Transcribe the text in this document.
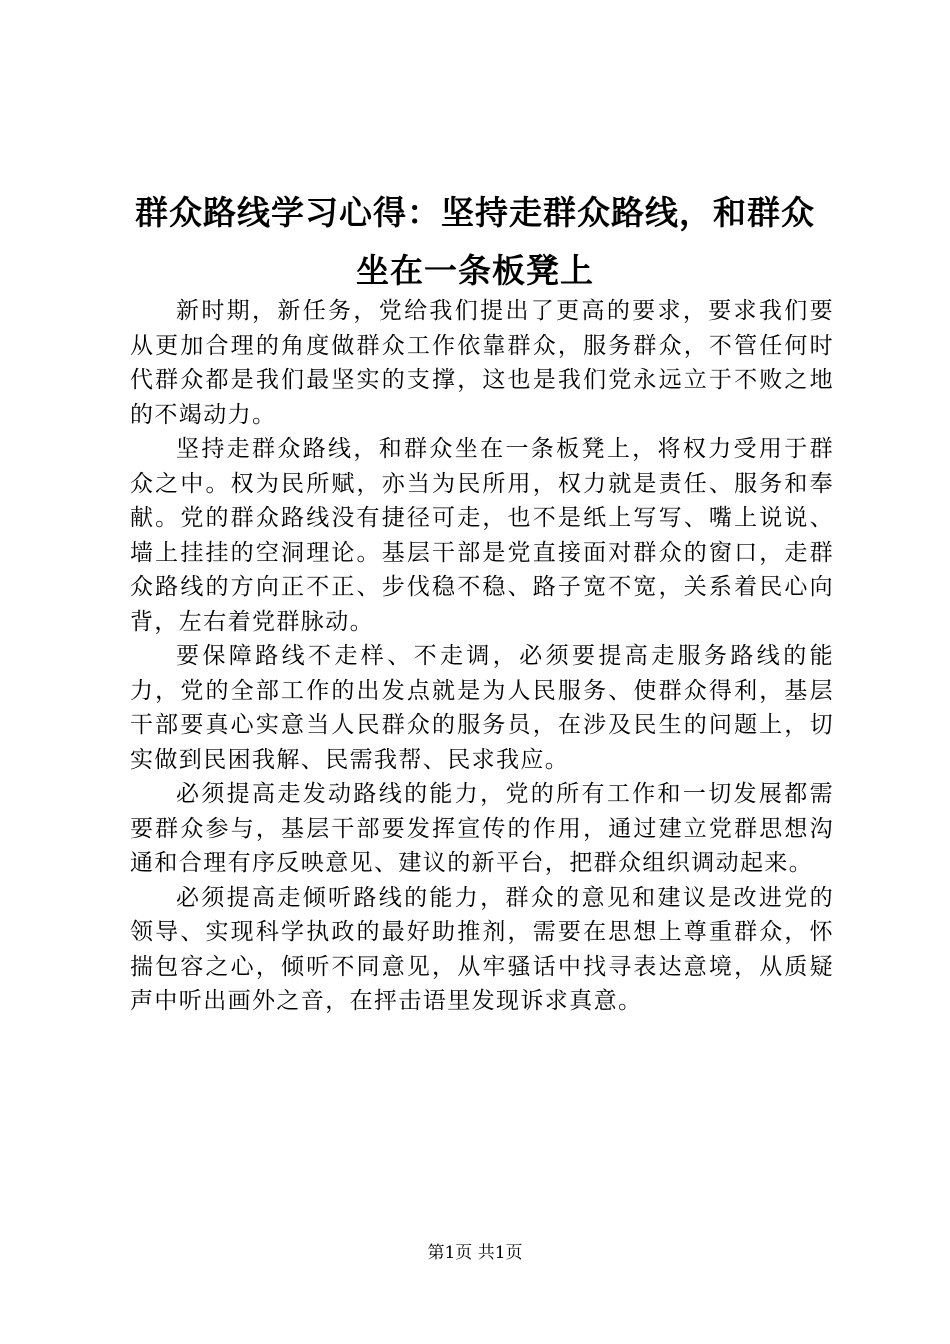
群众路线学习心得：坚持走群众路线，和群众坐在一条板凳上

新时期，新任务，党给我们提出了更高的要求，要求我们要从更加合理的角度做群众工作依靠群众，服务群众，不管任何时代群众都是我们最坚实的支撑，这也是我们党永远立于不败之地的不竭动力。

坚持走群众路线，和群众坐在一条板凳上，将权力受用于群众之中。权为民所赋，亦当为民所用，权力就是责任、服务和奉献。党的群众路线没有捷径可走，也不是纸上写写、嘴上说说、墙上挂挂的空洞理论。基层干部是党直接面对群众的窗口，走群众路线的方向正不正、步伐稳不稳、路子宽不宽，关系着民心向背，左右着党群脉动。

要保障路线不走样、不走调，必须要提高走服务路线的能力，党的全部工作的出发点就是为人民服务、使群众得利，基层干部要真心实意当人民群众的服务员，在涉及民生的问题上，切实做到民困我解、民需我帮、民求我应。

必须提高走发动路线的能力，党的所有工作和一切发展都需要群众参与，基层干部要发挥宣传的作用，通过建立党群思想沟通和合理有序反映意见、建议的新平台，把群众组织调动起来。

必须提高走倾听路线的能力，群众的意见和建议是改进党的领导、实现科学执政的最好助推剂，需要在思想上尊重群众，怀揣包容之心，倾听不同意见，从牢骚话中找寻表达意境，从质疑声中听出画外之音，在抨击语里发现诉求真意。

第1页 共1页
